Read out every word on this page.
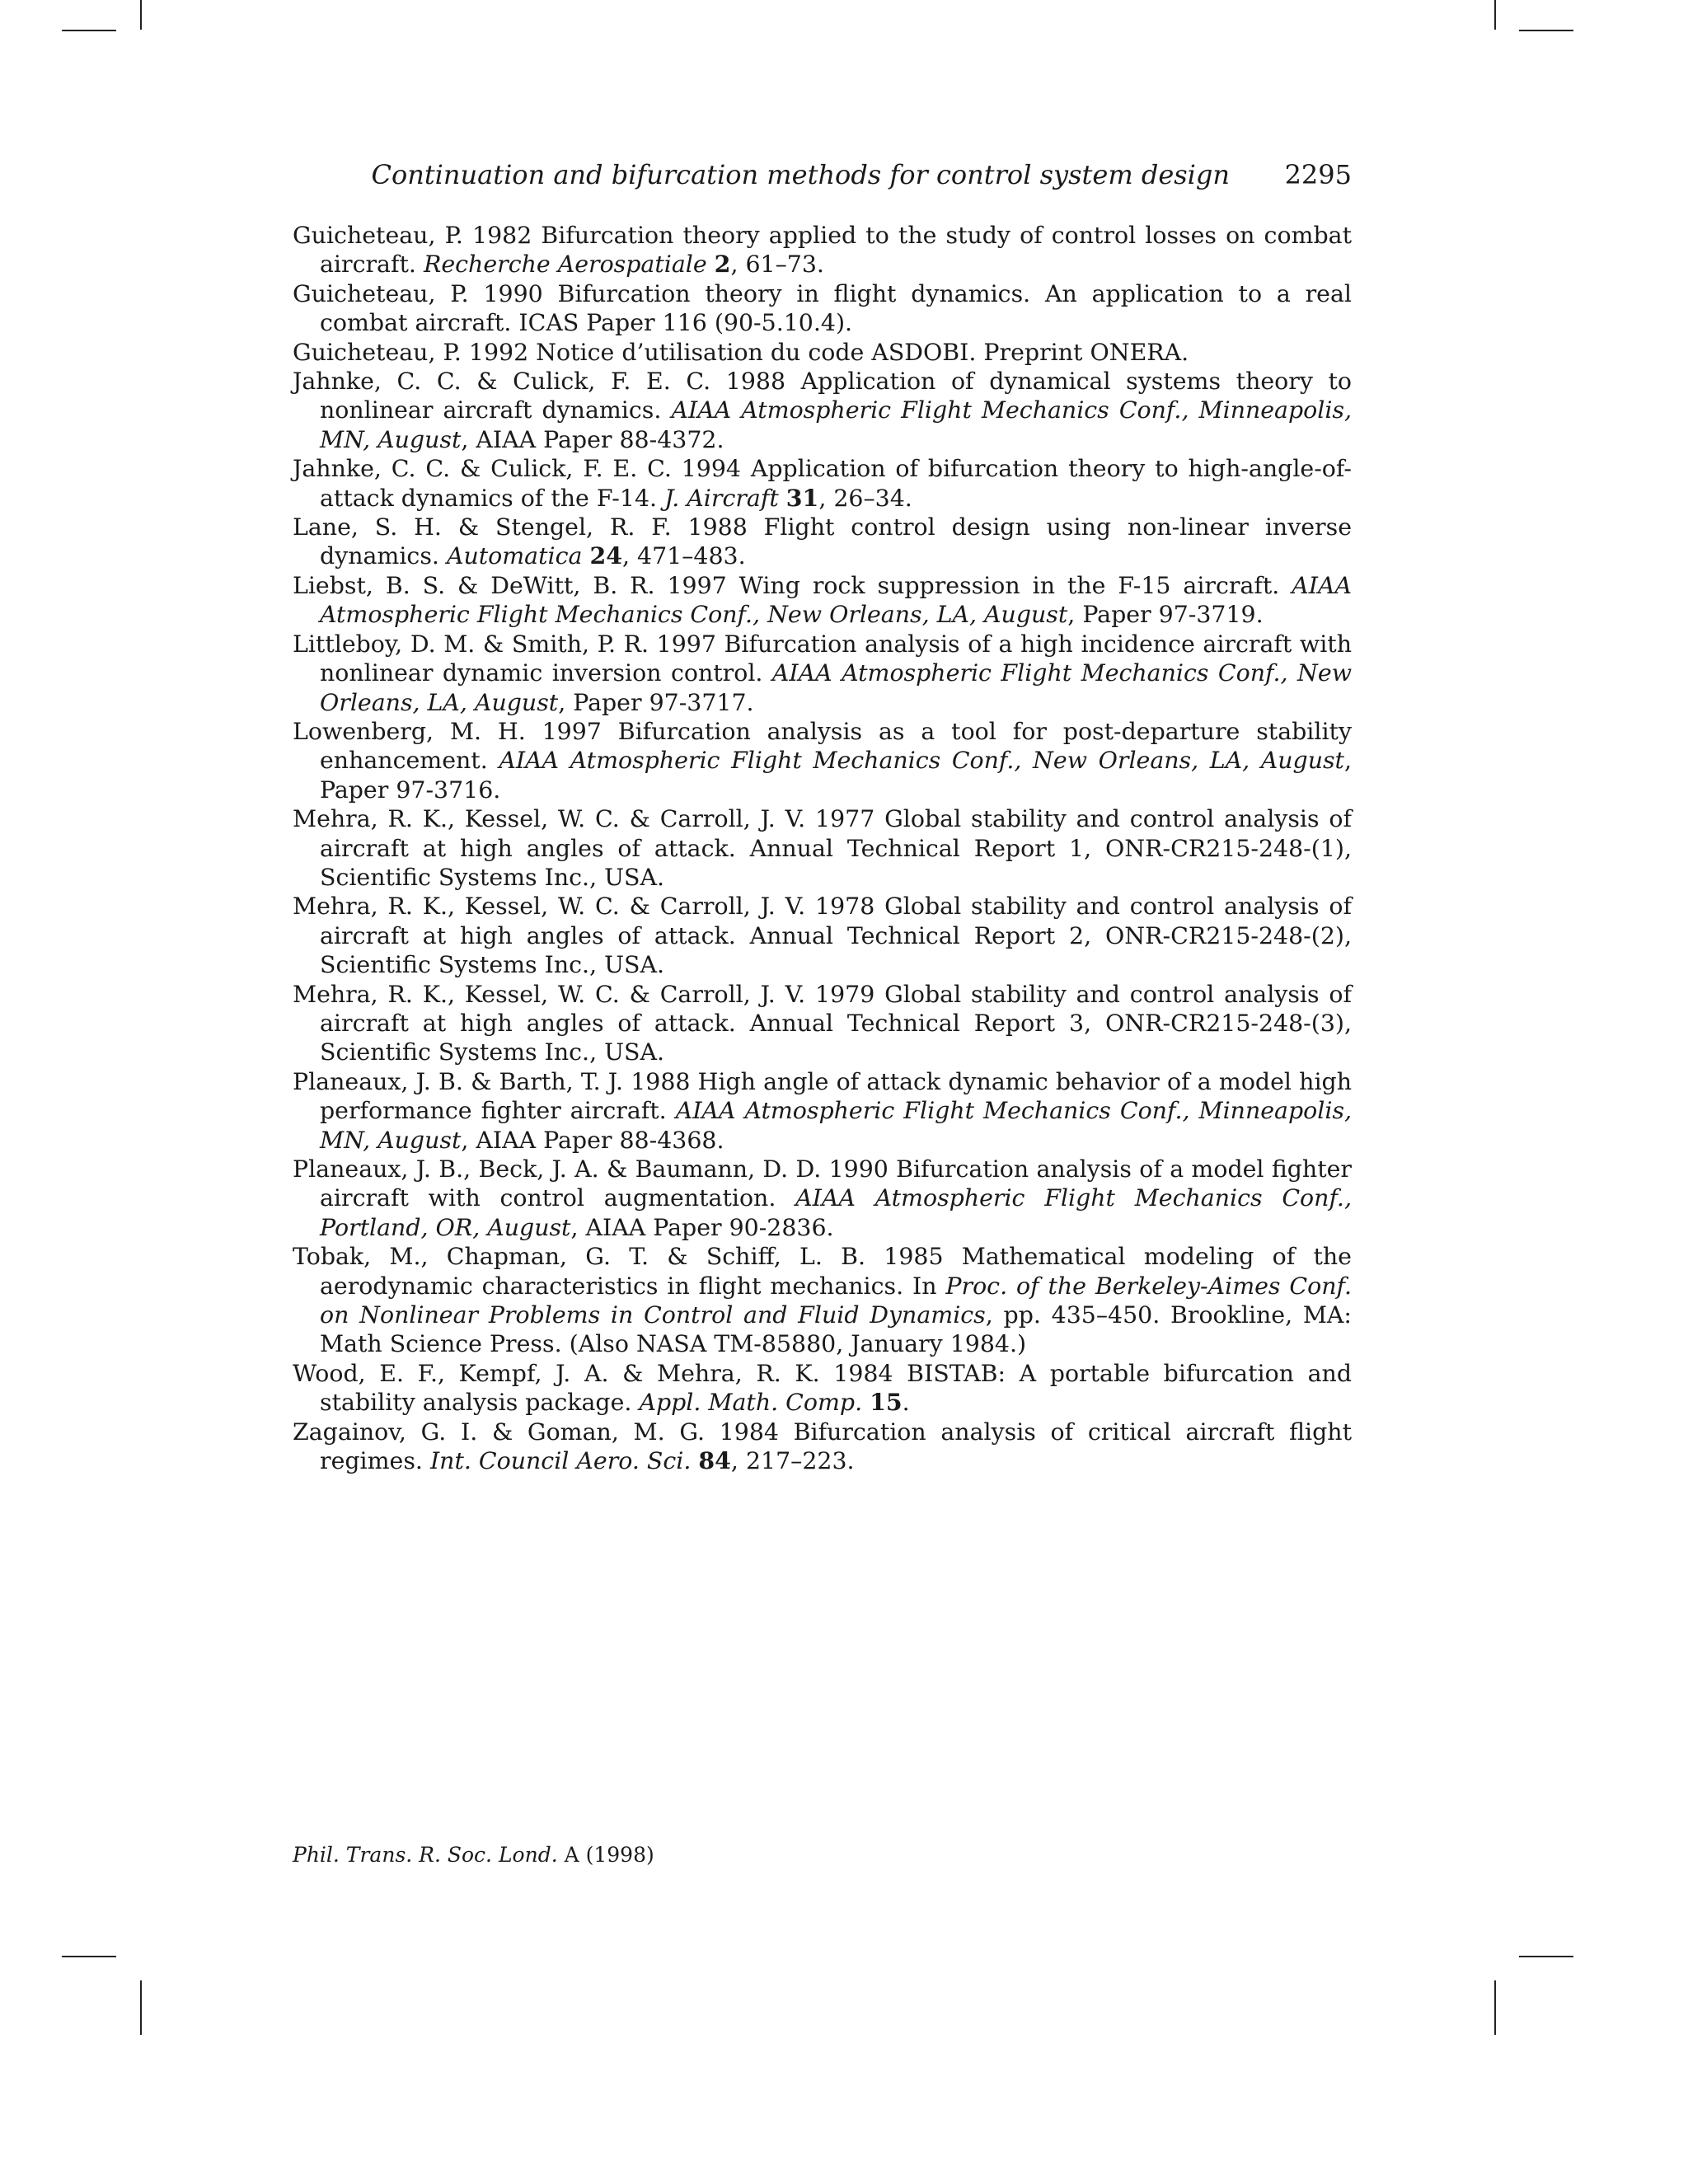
Continuation and bifurcation methods for control system design 2295
Guicheteau, P. 1982 Bifurcation theory applied to the study of control losses on combat aircraft. Recherche Aerospatiale 2, 61–73.
Guicheteau, P. 1990 Bifurcation theory in flight dynamics. An application to a real combat aircraft. ICAS Paper 116 (90-5.10.4).
Guicheteau, P. 1992 Notice d’utilisation du code ASDOBI. Preprint ONERA.
Jahnke, C. C. & Culick, F. E. C. 1988 Application of dynamical systems theory to nonlinear aircraft dynamics. AIAA Atmospheric Flight Mechanics Conf., Minneapolis, MN, August, AIAA Paper 88-4372.
Jahnke, C. C. & Culick, F. E. C. 1994 Application of bifurcation theory to high-angle-of-attack dynamics of the F-14. J. Aircraft 31, 26–34.
Lane, S. H. & Stengel, R. F. 1988 Flight control design using non-linear inverse dynamics. Automatica 24, 471–483.
Liebst, B. S. & DeWitt, B. R. 1997 Wing rock suppression in the F-15 aircraft. AIAA Atmospheric Flight Mechanics Conf., New Orleans, LA, August, Paper 97-3719.
Littleboy, D. M. & Smith, P. R. 1997 Bifurcation analysis of a high incidence aircraft with nonlinear dynamic inversion control. AIAA Atmospheric Flight Mechanics Conf., New Orleans, LA, August, Paper 97-3717.
Lowenberg, M. H. 1997 Bifurcation analysis as a tool for post-departure stability enhancement. AIAA Atmospheric Flight Mechanics Conf., New Orleans, LA, August, Paper 97-3716.
Mehra, R. K., Kessel, W. C. & Carroll, J. V. 1977 Global stability and control analysis of aircraft at high angles of attack. Annual Technical Report 1, ONR-CR215-248-(1), Scientific Systems Inc., USA.
Mehra, R. K., Kessel, W. C. & Carroll, J. V. 1978 Global stability and control analysis of aircraft at high angles of attack. Annual Technical Report 2, ONR-CR215-248-(2), Scientific Systems Inc., USA.
Mehra, R. K., Kessel, W. C. & Carroll, J. V. 1979 Global stability and control analysis of aircraft at high angles of attack. Annual Technical Report 3, ONR-CR215-248-(3), Scientific Systems Inc., USA.
Planeaux, J. B. & Barth, T. J. 1988 High angle of attack dynamic behavior of a model high performance fighter aircraft. AIAA Atmospheric Flight Mechanics Conf., Minneapolis, MN, August, AIAA Paper 88-4368.
Planeaux, J. B., Beck, J. A. & Baumann, D. D. 1990 Bifurcation analysis of a model fighter aircraft with control augmentation. AIAA Atmospheric Flight Mechanics Conf., Portland, OR, August, AIAA Paper 90-2836.
Tobak, M., Chapman, G. T. & Schiff, L. B. 1985 Mathematical modeling of the aerodynamic characteristics in flight mechanics. In Proc. of the Berkeley-Aimes Conf. on Nonlinear Problems in Control and Fluid Dynamics, pp. 435–450. Brookline, MA: Math Science Press. (Also NASA TM-85880, January 1984.)
Wood, E. F., Kempf, J. A. & Mehra, R. K. 1984 BISTAB: A portable bifurcation and stability analysis package. Appl. Math. Comp. 15.
Zagainov, G. I. & Goman, M. G. 1984 Bifurcation analysis of critical aircraft flight regimes. Int. Council Aero. Sci. 84, 217–223.
Phil. Trans. R. Soc. Lond. A (1998)
